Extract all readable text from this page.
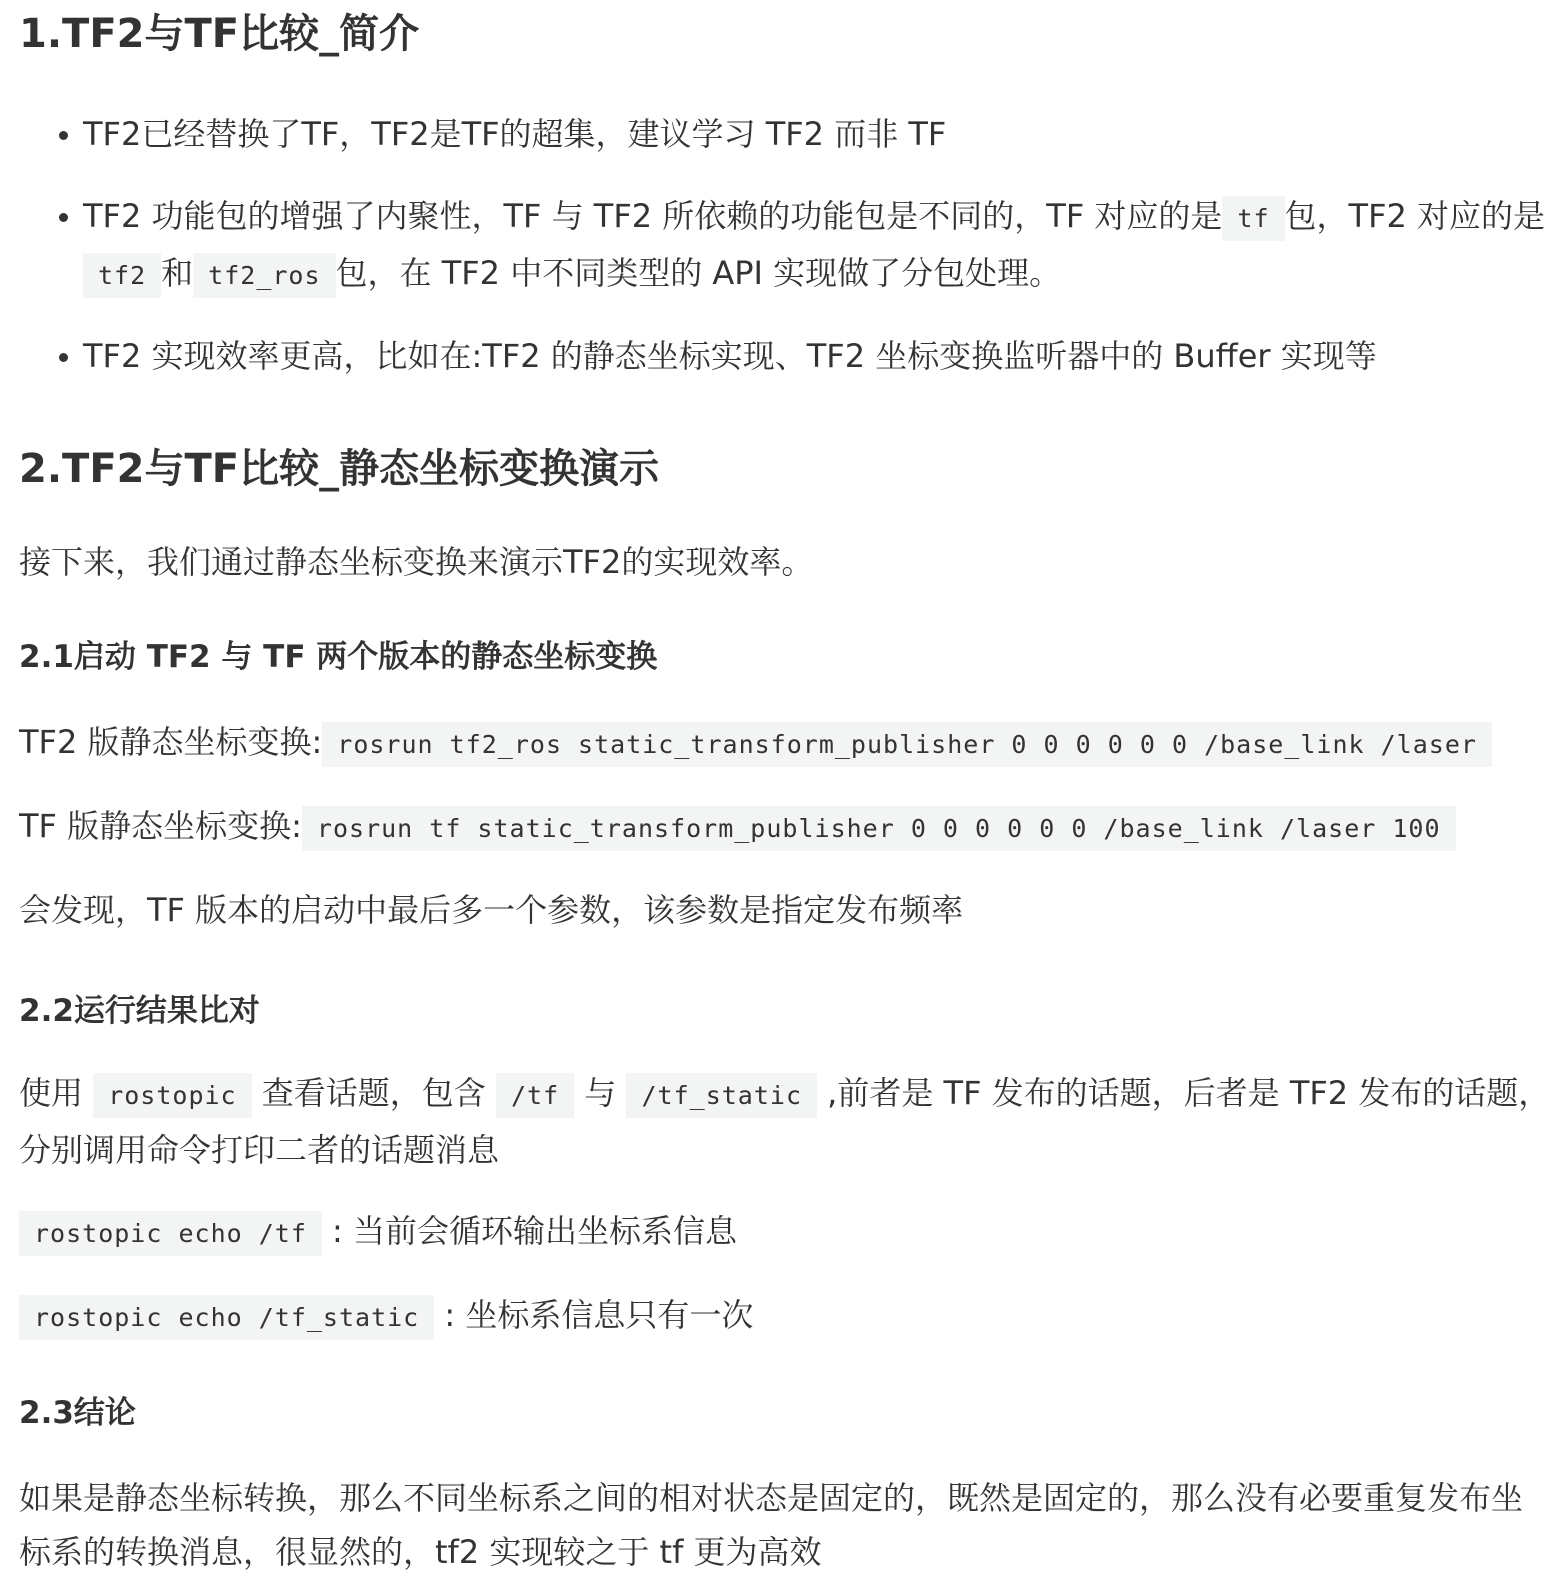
1.TF2与TF比较_简介
TF2已经替换了TF，TF2是TF的超集，建议学习 TF2 而非 TF
TF2 功能包的增强了内聚性，TF 与 TF2 所依赖的功能包是不同的，TF 对应的是 tf 包，TF2 对应的是tf2 和 tf2_ros 包，在 TF2 中不同类型的 API 实现做了分包处理。
TF2 实现效率更高，比如在:TF2 的静态坐标实现、TF2 坐标变换监听器中的 Buffer 实现等
2.TF2与TF比较_静态坐标变换演示

接下来，我们通过静态坐标变换来演示TF2的实现效率。

2.1启动 TF2 与 TF 两个版本的静态坐标变换

TF2 版静态坐标变换: rosrun tf2_ros static_transform_publisher 0 0 0 0 0 0 /base_link /laser

TF 版静态坐标变换: rosrun tf static_transform_publisher 0 0 0 0 0 0 /base_link /laser 100

会发现，TF 版本的启动中最后多一个参数，该参数是指定发布频率

2.2运行结果比对

使用 rostopic 查看话题，包含 /tf 与 /tf_static ,前者是 TF 发布的话题，后者是 TF2 发布的话题，分别调用命令打印二者的话题消息

rostopic echo /tf : 当前会循环输出坐标系信息

rostopic echo /tf_static : 坐标系信息只有一次

2.3结论

如果是静态坐标转换，那么不同坐标系之间的相对状态是固定的，既然是固定的，那么没有必要重复发布坐标系的转换消息，很显然的，tf2 实现较之于 tf 更为高效
